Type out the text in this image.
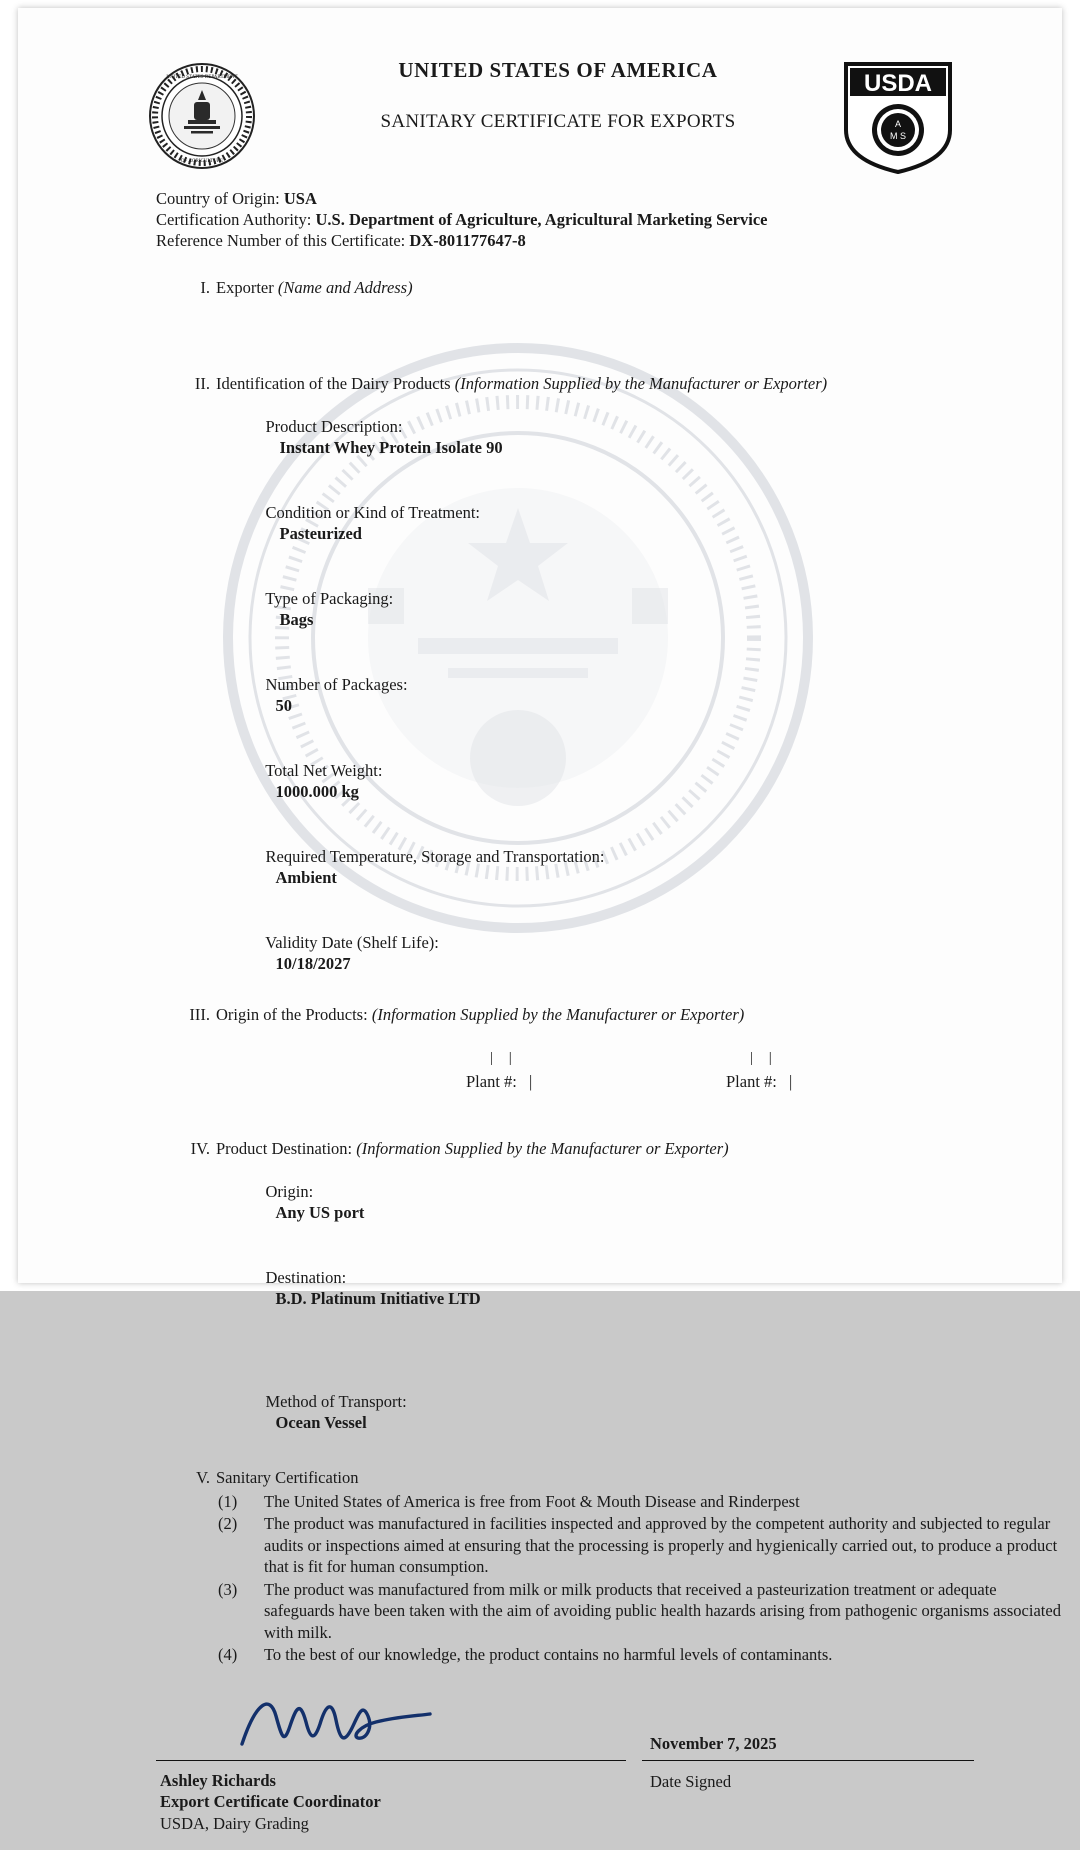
UNITED STATES DEPARTMENT
OF AGRICULTURE
UNITED STATES OF AMERICA
SANITARY CERTIFICATE FOR EXPORTS
USDA
A
M S
Country of Origin: USA
Certification Authority: U.S. Department of Agriculture, Agricultural Marketing Service
Reference Number of this Certificate: DX-801177647-8
I. Exporter (Name and Address)
II. Identification of the Dairy Products (Information Supplied by the Manufacturer or Exporter)

Product Description:
Instant Whey Protein Isolate 90

Condition or Kind of Treatment:
Pasteurized

Type of Packaging:
Bags

Number of Packages:
50

Total Net Weight:
1000.000 kg

Required Temperature, Storage and Transportation:
Ambient

Validity Date (Shelf Life):
10/18/2027

III. Origin of the Products: (Information Supplied by the Manufacturer or Exporter)
| |
Plant #: |
| |
Plant #: |
IV. Product Destination: (Information Supplied by the Manufacturer or Exporter)

Origin:
Any US port

Destination:
B.D. Platinum Initiative LTD

Method of Transport:
Ocean Vessel

V. Sanitary Certification
(1)	The United States of America is free from Foot & Mouth Disease and Rinderpest
(2)	The product was manufactured in facilities inspected and approved by the competent authority and subjected to regular audits or inspections aimed at ensuring that the processing is properly and hygienically carried out, to produce a product that is fit for human consumption.
(3)	The product was manufactured from milk or milk products that received a pasteurization treatment or adequate safeguards have been taken with the aim of avoiding public health hazards arising from pathogenic organisms associated with milk.
(4)	To the best of our knowledge, the product contains no harmful levels of contaminants.
November 7, 2025
Date Signed
Ashley Richards
Export Certificate Coordinator
USDA, Dairy Grading
